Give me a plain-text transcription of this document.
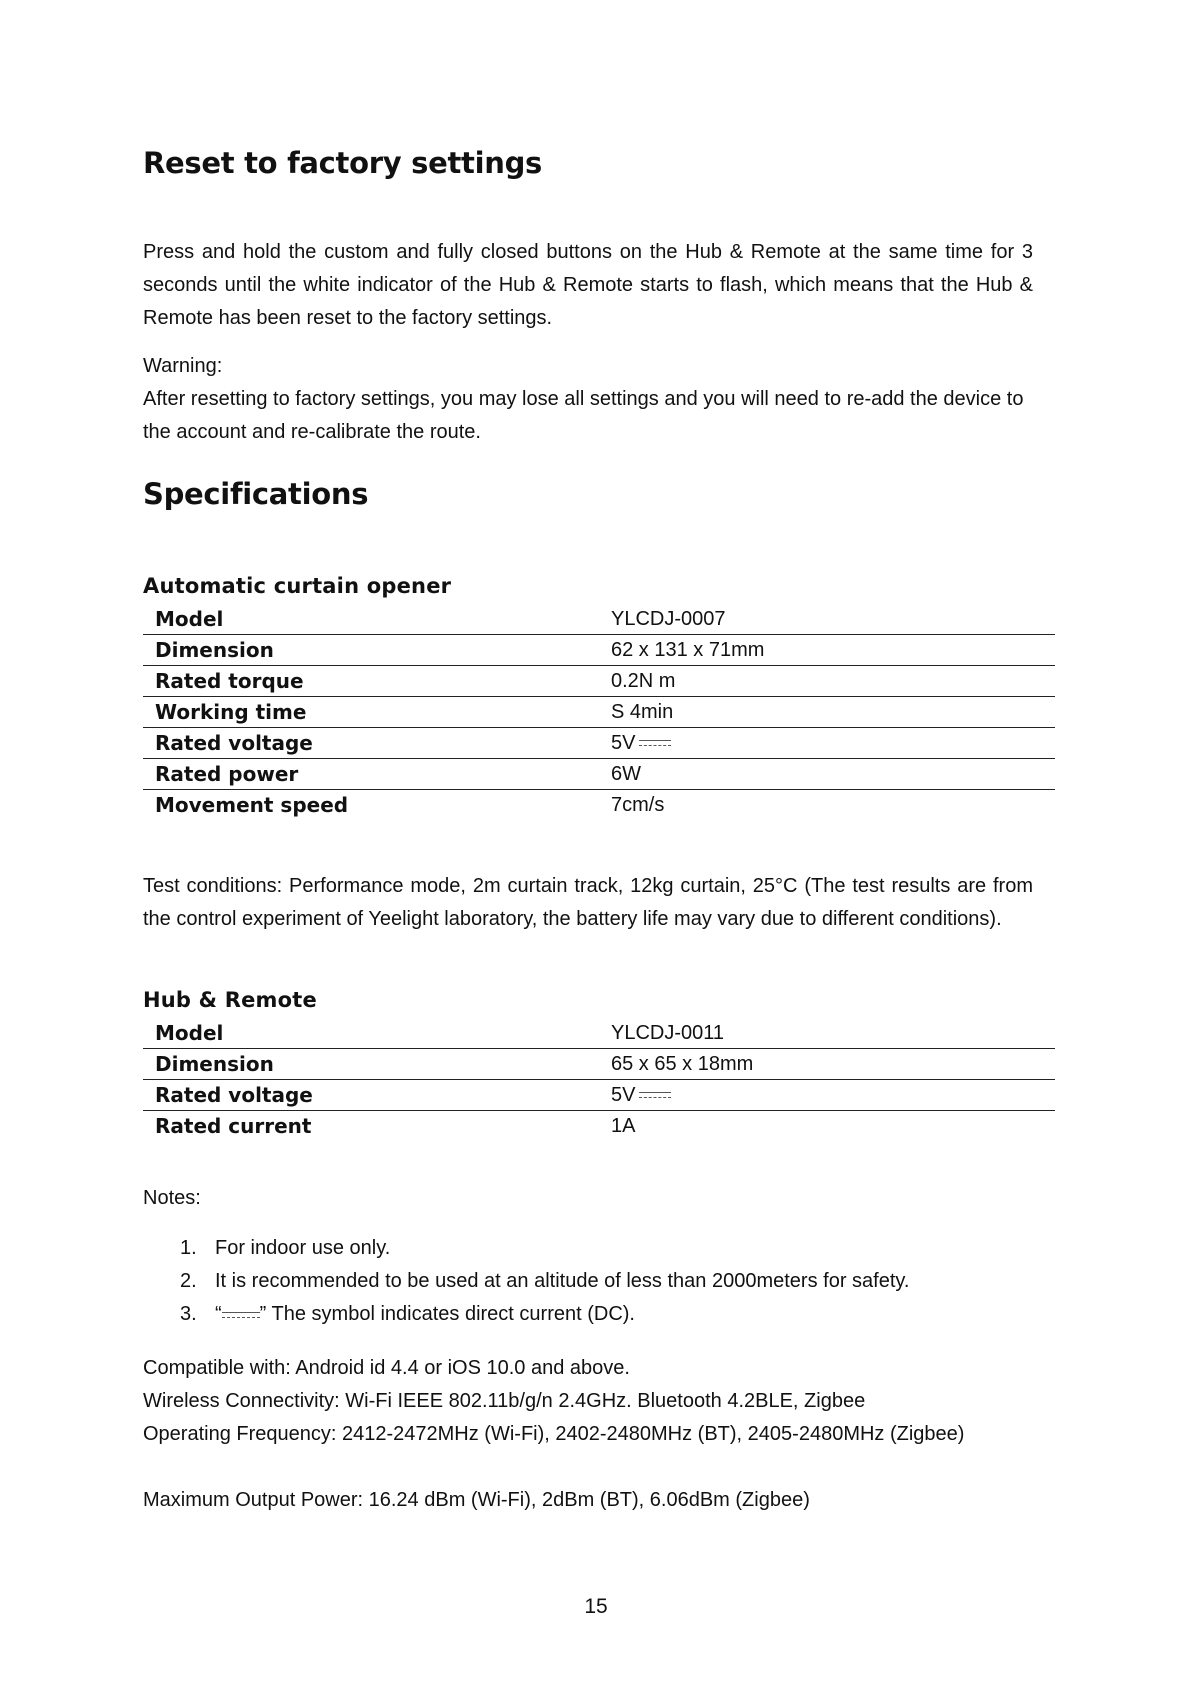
Reset to factory settings

Press and hold the custom and fully closed buttons on the Hub & Remote at the same time for 3 seconds until the white indicator of the Hub & Remote starts to flash, which means that the Hub & Remote has been reset to the factory settings.

Warning:

After resetting to factory settings, you may lose all settings and you will need to re-add the device to the account and re-calibrate the route.

Specifications

Automatic curtain opener

Model	YLCDJ-0007
Dimension	62 x 131 x 71mm
Rated torque	0.2N m
Working time	S 4min
Rated voltage	5V
Rated power	6W
Movement speed	7cm/s

Test conditions: Performance mode, 2m curtain track, 12kg curtain, 25°C (The test results are from the control experiment of Yeelight laboratory, the battery life may vary due to different conditions).

Hub & Remote

Model	YLCDJ-0011
Dimension	65 x 65 x 18mm
Rated voltage	5V
Rated current	1A

Notes:

1. For indoor use only.
2. It is recommended to be used at an altitude of less than 2000meters for safety.
3. “ ” The symbol indicates direct current (DC).

Compatible with: Android id 4.4 or iOS 10.0 and above.

Wireless Connectivity: Wi-Fi IEEE 802.11b/g/n 2.4GHz. Bluetooth 4.2BLE, Zigbee

Operating Frequency: 2412-2472MHz (Wi-Fi), 2402-2480MHz (BT), 2405-2480MHz (Zigbee)

Maximum Output Power: 16.24 dBm (Wi-Fi), 2dBm (BT), 6.06dBm (Zigbee)

15
